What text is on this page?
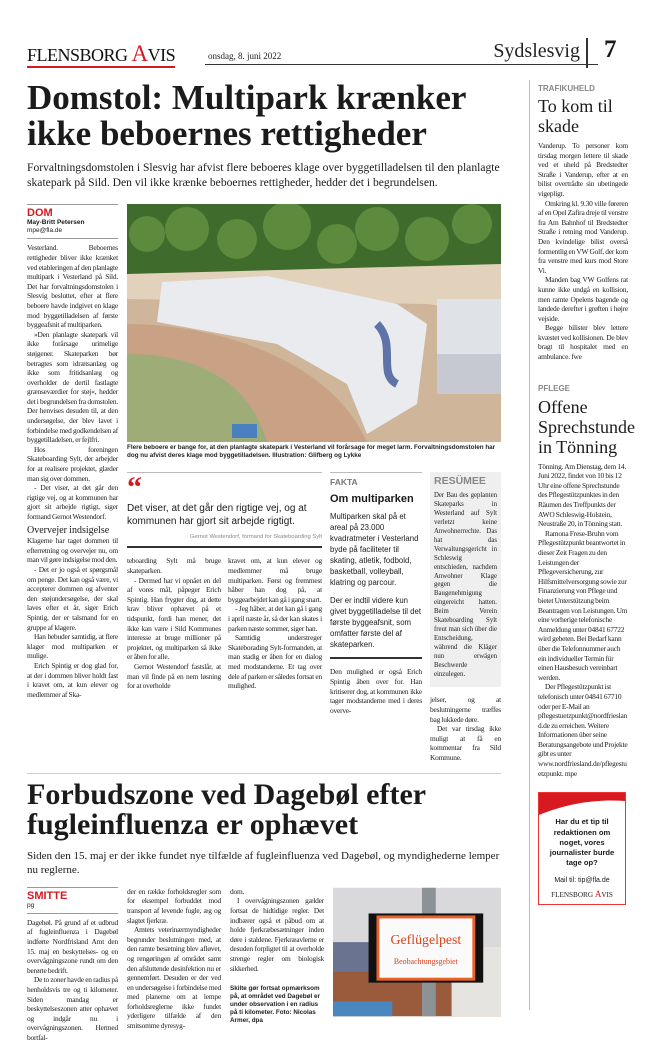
FLENSBORG AVIS	onsdag, 8. juni 2022	Sydslesvig 7
Domstol: Multipark krænker ikke beboernes rettigheder
Forvaltningsdomstolen i Slesvig har afvist flere beboeres klage over byggetilladelsen til den planlagte skatepark på Sild. Den vil ikke krænke beboernes rettigheder, hedder det i begrundelsen.
DOM
May-Britt Petersen
mpe@fla.de

Vesterland. Beboernes rettigheder bliver ikke krænket ved etableringen af den planlagte multipark i Vesterland på Sild. Det har forvaltningsdomstolen i Slesvig besluttet, efter at flere beboere havde indgivet en klage mod byggetilladelsen af første byggeafsnit af multiparken.

»Den planlagte skatepark vil ikke forårsage urimelige støjgener. Skateparken bør betragtes som idrætsanlæg og ikke som fritidsanlæg og overholder de dertil fastlagte grænseværdier for støj«, hedder det i begrundelsen fra domstolen. Der henvises desuden til, at den undersøgelse, der blev lavet i forbindelse med godkendelsen af byggetilladelsen, er fejlfri.

Hos foreningen Skateboarding Sylt, der arbejder for at realisere projektet, glæder man sig over dommen.

- Det viser, at det går den rigtige vej, og at kommunen har gjort sit arbejde rigtigt, siger formand Gernot Westendorf.

Overvejer indsigelse

Klagerne har taget dommen til efterretning og overvejer nu, om man vil gøre indsigelse mod den.

- Det er jo også et spørgsmål om penge. Det kan også være, vi accepterer dommen og afventer den støjundersøgelse, der skal laves efter et år, siger Erich Spintig, der er talsmand for en gruppe af klagere.

Han bebuder samtidig, at flere klager mod multiparken er mulige.

Erich Spintig er dog glad for, at der i dommen bliver holdt fast i kravet om, at kun elever og medlemmer af Ska-

Flere beboere er bange for, at den planlagte skatepark i Vesterland vil forårsage for meget larm. Forvaltningsdomstolen har dog nu afvist deres klage mod byggetilladelsen. Illustration: Glifberg og Lykke
“
Det viser, at det går den rigtige vej, og at kommunen har gjort sit arbejde rigtigt.
Gernot Westendorf, formand for Skateboarding Sylt

teboarding Sylt må bruge skateparken.

- Dermed har vi opnået en del af vores mål, påpeger Erich Spintig. Han frygter dog, at dette krav bliver ophævet på et tidspunkt, fordi han mener, det ikke kan være i Sild Kommunes interesse at bruge millioner på projektet, og multiparken så ikke er åben for alle.

Gernot Westendorf fastslår, at man vil finde på en nem løsning for at overholde

kravet om, at kun elever og medlemmer må bruge multiparken. Først og fremmest håber han dog på, at byggearbejdet kan gå i gang snart.

- Jeg håber, at det kan gå i gang i april næste år, så der kan skates i parken næste sommer, siger han.

Samtidig understreger Skateborading Sylt-formanden, at man stadig er åben for en dialog med modstanderne. Et tag over dele af parken er således fortsat en mulighed.

FAKTA
Om multiparken
Multiparken skal på et areal på 23.000 kvadratmeter i Vesterland byde på faciliteter til skating, atletik, fodbold, basketball, volleyball, klatring og parcour.
Der er indtil videre kun givet byggetilladelse til det første byggeafsnit, som omfatter første del af skateparken.

Den mulighed er også Erich Spintig åben over for. Han kritiserer dog, at kommunen ikke tager modstanderne med i deres overve-

RESÜMEE
Der Bau des geplanten Skateparks in Westerland auf Sylt verletzt keine Anwohnerrechte. Das hat das Verwaltungsgericht in Schleswig entschieden, nachdem Anwohner Klage gegen die Baugenehmigung eingereicht hatten. Beim Verein Skateboarding Sylt freut man sich über die Entscheidung, während die Kläger nun erwägen Beschwerde einzulegen.

jelser, og at beslutningerne træffes bag lukkede døre.

Det var tirsdag ikke muligt at få en kommentar fra Sild Kommune.

Forbudszone ved Dagebøl efter fugleinfluenza er ophævet
Siden den 15. maj er der ikke fundet nye tilfælde af fugleinfluenza ved Dagebøl, og myndighederne lemper nu reglerne.
SMITTE
pg

Dagebøl. På grund af et udbrud af fugleinfluenza i Dagebøl indførte Nordfrisland Amt den 15. maj en beskyttelses- og en overvågningszone rundt om den berørte bedrift.

De to zoner havde en radius på henholdsvis tre og ti kilometer. Siden mandag er beskyttelseszonen atter ophævet og indgår nu i overvågningszonen. Hermed bortfal-

der en række forholdsregler som for eksempel forbuddet mod transport af levende fugle, æg og slagtet fjerkræ.

Amtets veterinærmyndigheder begrunder beslutningen med, at den ramte besætning blev afløvet, og rengøringen af området samt den afsluttende desinfektion nu er gennemført. Desuden er der ved en undersøgelse i forbindelse med med planerne om at lempe forholdsreglerne ikke fundet yderligere tilfælde af den smitsomme dyresyg-

dom.

I overvågningszonen gælder fortsat de hidtidige regler. Det indbærer også et påbud om at holde fjerkræbesætninger inden døre i staldene. Fjerkræavlerne er desuden forpligtet til at overholde strenge regler om biologisk sikkerhed.

Skilte gør fortsat opmærksom på, at området ved Dagebøl er under observation i en radius på ti kilometer. Foto: Nicolas Armer, dpa
Geflügelpest
Beobachtungsgebiet
TRAFIKUHELD
To kom til skade

Vanderup. To personer kom tirsdag morgen lettere til skade ved et uheld på Bredstedter Straße i Vanderup, efter at en bilist overtrådte sin ubetingede vigepligt.

Omkring kl. 9.30 ville føreren af en Opel Zafira dreje til venstre fra Am Bahnhof til Bredstedter Straße i retning mod Vanderup. Den kvindelige bilist overså formentlig en VW Golf, der kom fra venstre med kurs mod Store Vi.

Manden bag VW Golfens rat kunne ikke undgå en kollision, men ramte Opelens bagende og landede derefter i grøften i højre vejside.

Begge bilister blev lettere kvæstet ved kollisionen. De blev bragt til hospitalet med en ambulance. fwe

PFLEGE
Offene Sprechstunde in Tönning

Tönning. Am Dienstag, dem 14. Juni 2022, findet von 10 bis 12 Uhr eine offene Sprechstunde des Pflegestützpunktes in den Räumen des Treffpunkts der AWO Schleswig-Holstein, Neustraße 20, in Tönning statt.

Ramona Frese-Bruhn vom Pflegestützpunkt beantwortet in dieser Zeit Fragen zu den Leistungen der Pflegeversicherung, zur Hilfsmittelversorgung sowie zur Finanzierung von Pflege und bietet Unterstützung beim Beantragen von Leistungen. Um eine vorherige telefonische Anmeldung unter 04841 67722 wird gebeten. Bei Bedarf kann über die Telefonnummer auch ein individueller Termin für einen Hausbesuch vereinbart werden.

Der Pflegestützpunkt ist telefonisch unter 04841 67710 oder per E-Mail an pflegestuetzpunkt@nordfriesland.de zu erreichen. Weitere Informationen über seine Beratungsangebote und Projekte gibt es unter www.nordfriesland.de/pflegestuetzpunkt. mpe

Har du et tip til redaktionen om noget, vores journalister burde tage op?
Mail til: tip@fla.de
FLENSBORG AVIS
